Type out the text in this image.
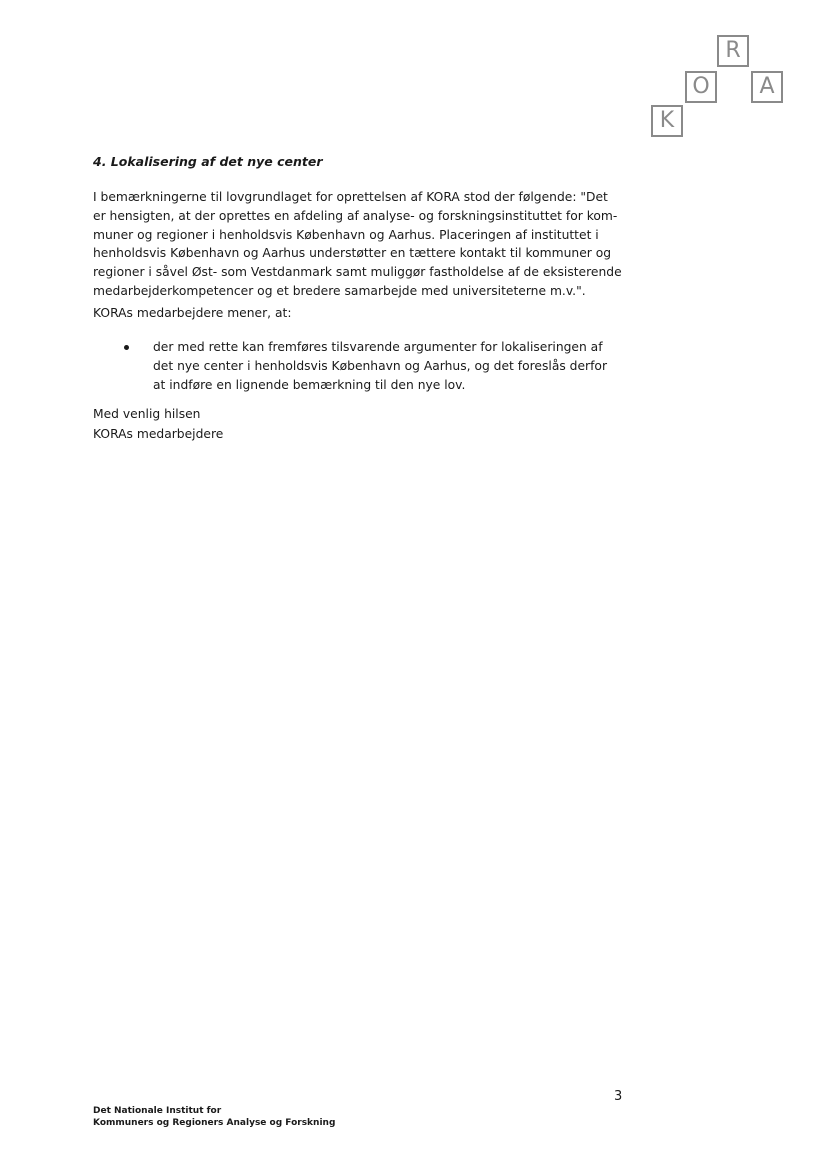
R
O	A
K
4. Lokalisering af det nye center
I bemærkningerne til lovgrundlaget for oprettelsen af KORA stod der følgende: "Det
er hensigten, at der oprettes en afdeling af analyse- og forskningsinstituttet for kom-
muner og regioner i henholdsvis København og Aarhus. Placeringen af instituttet i
henholdsvis København og Aarhus understøtter en tættere kontakt til kommuner og
regioner i såvel Øst- som Vestdanmark samt muliggør fastholdelse af de eksisterende
medarbejderkompetencer og et bredere samarbejde med universiteterne m.v.".

KORAs medarbejdere mener, at:

der med rette kan fremføres tilsvarende argumenter for lokaliseringen af
det nye center i henholdsvis København og Aarhus, og det foreslås derfor
at indføre en lignende bemærkning til den nye lov.
Med venlig hilsen
KORAs medarbejdere
3
Det Nationale Institut for
Kommuners og Regioners Analyse og Forskning
